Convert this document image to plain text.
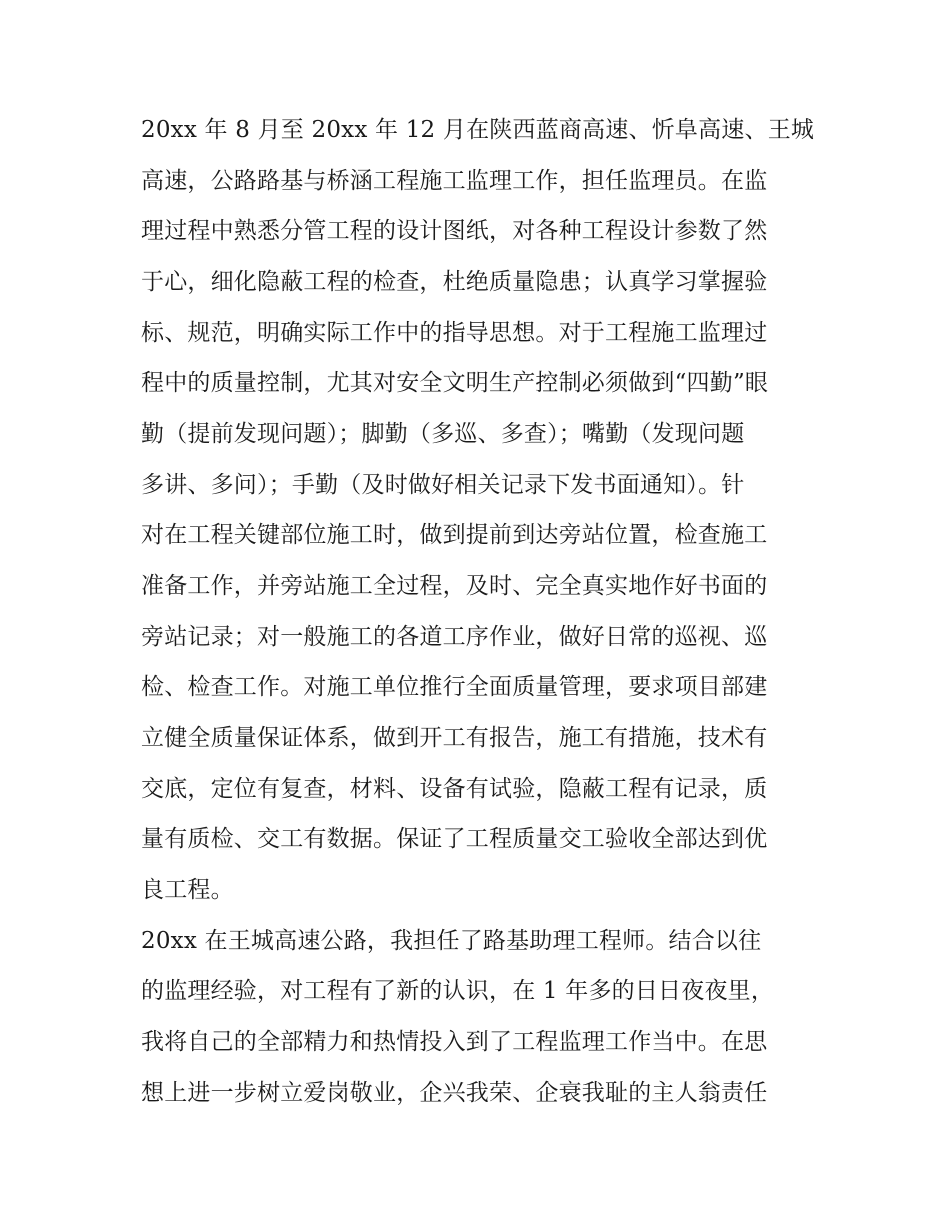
20xx 年 8 月至 20xx 年 12 月在陕西蓝商高速、忻阜高速、王城
高速，公路路基与桥涵工程施工监理工作，担任监理员。在监
理过程中熟悉分管工程的设计图纸，对各种工程设计参数了然
于心，细化隐蔽工程的检查，杜绝质量隐患；认真学习掌握验
标、规范，明确实际工作中的指导思想。对于工程施工监理过
程中的质量控制，尤其对安全文明生产控制必须做到“四勤”眼
勤（提前发现问题）；脚勤（多巡、多查）；嘴勤（发现问题
多讲、多问）；手勤（及时做好相关记录下发书面通知）。针
对在工程关键部位施工时，做到提前到达旁站位置，检查施工
准备工作，并旁站施工全过程，及时、完全真实地作好书面的
旁站记录；对一般施工的各道工序作业，做好日常的巡视、巡
检、检查工作。对施工单位推行全面质量管理，要求项目部建
立健全质量保证体系，做到开工有报告，施工有措施，技术有
交底，定位有复查，材料、设备有试验，隐蔽工程有记录，质
量有质检、交工有数据。保证了工程质量交工验收全部达到优
良工程。
20xx 在王城高速公路，我担任了路基助理工程师。结合以往
的监理经验，对工程有了新的认识，在 1 年多的日日夜夜里，
我将自己的全部精力和热情投入到了工程监理工作当中。在思
想上进一步树立爱岗敬业，企兴我荣、企衰我耻的主人翁责任
